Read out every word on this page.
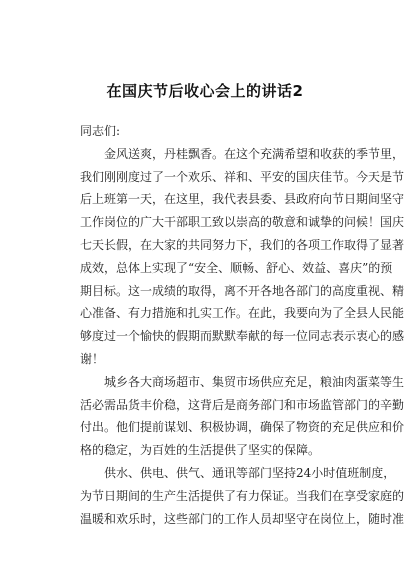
在国庆节后收心会上的讲话2
同志们:
金风送爽，丹桂飘香。在这个充满希望和收获的季节里，
我们刚刚度过了一个欢乐、祥和、平安的国庆佳节。今天是节
后上班第一天，在这里，我代表县委、县政府向节日期间坚守
工作岗位的广大干部职工致以崇高的敬意和诚挚的问候！国庆
七天长假，在大家的共同努力下，我们的各项工作取得了显著
成效，总体上实现了“安全、顺畅、舒心、效益、喜庆”的预
期目标。这一成绩的取得，离不开各地各部门的高度重视、精
心准备、有力措施和扎实工作。在此，我要向为了全县人民能
够度过一个愉快的假期而默默奉献的每一位同志表示衷心的感
谢！
城乡各大商场超市、集贸市场供应充足，粮油肉蛋菜等生
活必需品货丰价稳，这背后是商务部门和市场监管部门的辛勤
付出。他们提前谋划、积极协调，确保了物资的充足供应和价
格的稳定，为百姓的生活提供了坚实的保障。
供水、供电、供气、通讯等部门坚持24小时值班制度，
为节日期间的生产生活提供了有力保证。当我们在享受家庭的
温暖和欢乐时，这些部门的工作人员却坚守在岗位上，随时准
